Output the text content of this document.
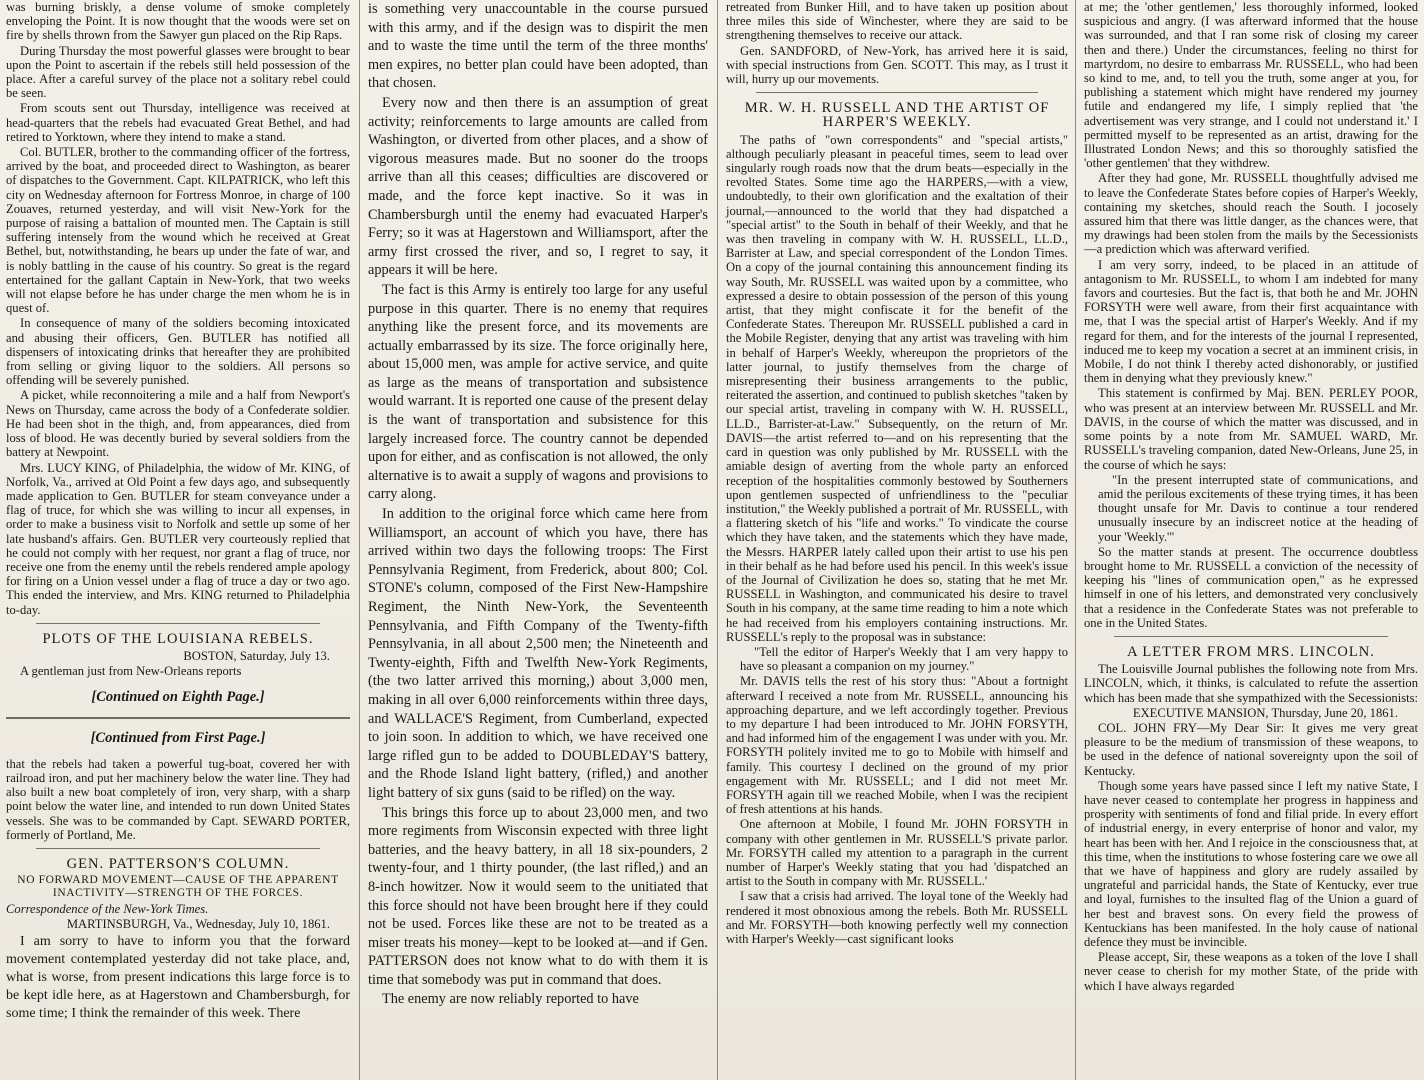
was burning briskly, a dense volume of smoke completely enveloping the Point. It is now thought that the woods were set on fire by shells thrown from the Sawyer gun placed on the Rip Raps.

During Thursday the most powerful glasses were brought to bear upon the Point to ascertain if the rebels still held possession of the place. After a careful survey of the place not a solitary rebel could be seen.

From scouts sent out Thursday, intelligence was received at head-quarters that the rebels had evacuated Great Bethel, and had retired to Yorktown, where they intend to make a stand.

Col. BUTLER, brother to the commanding officer of the fortress, arrived by the boat, and proceeded direct to Washington, as bearer of dispatches to the Government. Capt. KILPATRICK, who left this city on Wednesday afternoon for Fortress Monroe, in charge of 100 Zouaves, returned yesterday, and will visit New-York for the purpose of raising a battalion of mounted men. The Captain is still suffering intensely from the wound which he received at Great Bethel, but, notwithstanding, he bears up under the fate of war, and is nobly battling in the cause of his country. So great is the regard entertained for the gallant Captain in New-York, that two weeks will not elapse before he has under charge the men whom he is in quest of.

In consequence of many of the soldiers becoming intoxicated and abusing their officers, Gen. BUTLER has notified all dispensers of intoxicating drinks that hereafter they are prohibited from selling or giving liquor to the soldiers. All persons so offending will be severely punished.

A picket, while reconnoitering a mile and a half from Newport's News on Thursday, came across the body of a Confederate soldier. He had been shot in the thigh, and, from appearances, died from loss of blood. He was decently buried by several soldiers from the battery at Newpoint.

Mrs. LUCY KING, of Philadelphia, the widow of Mr. KING, of Norfolk, Va., arrived at Old Point a few days ago, and subsequently made application to Gen. BUTLER for steam conveyance under a flag of truce, for which she was willing to incur all expenses, in order to make a business visit to Norfolk and settle up some of her late husband's affairs. Gen. BUTLER very courteously replied that he could not comply with her request, nor grant a flag of truce, nor receive one from the enemy until the rebels rendered ample apology for firing on a Union vessel under a flag of truce a day or two ago. This ended the interview, and Mrs. KING returned to Philadelphia to-day.

PLOTS OF THE LOUISIANA REBELS.

BOSTON, Saturday, July 13.

A gentleman just from New-Orleans reports

[Continued on Eighth Page.]

[Continued from First Page.]

that the rebels had taken a powerful tug-boat, covered her with railroad iron, and put her machinery below the water line. They had also built a new boat completely of iron, very sharp, with a sharp point below the water line, and intended to run down United States vessels. She was to be commanded by Capt. SEWARD PORTER, formerly of Portland, Me.

GEN. PATTERSON'S COLUMN.

NO FORWARD MOVEMENT—CAUSE OF THE APPARENT INACTIVITY—STRENGTH OF THE FORCES.

Correspondence of the New-York Times.

MARTINSBURGH, Va., Wednesday, July 10, 1861.

I am sorry to have to inform you that the forward movement contemplated yesterday did not take place, and, what is worse, from present indications this large force is to be kept idle here, as at Hagerstown and Chambersburgh, for some time; I think the remainder of this week. There

is something very unaccountable in the course pursued with this army, and if the design was to dispirit the men and to waste the time until the term of the three months' men expires, no better plan could have been adopted, than that chosen.

Every now and then there is an assumption of great activity; reinforcements to large amounts are called from Washington, or diverted from other places, and a show of vigorous measures made. But no sooner do the troops arrive than all this ceases; difficulties are discovered or made, and the force kept inactive. So it was in Chambersburgh until the enemy had evacuated Harper's Ferry; so it was at Hagerstown and Williamsport, after the army first crossed the river, and so, I regret to say, it appears it will be here.

The fact is this Army is entirely too large for any useful purpose in this quarter. There is no enemy that requires anything like the present force, and its movements are actually embarrassed by its size. The force originally here, about 15,000 men, was ample for active service, and quite as large as the means of transportation and subsistence would warrant. It is reported one cause of the present delay is the want of transportation and subsistence for this largely increased force. The country cannot be depended upon for either, and as confiscation is not allowed, the only alternative is to await a supply of wagons and provisions to carry along.

In addition to the original force which came here from Williamsport, an account of which you have, there has arrived within two days the following troops: The First Pennsylvania Regiment, from Frederick, about 800; Col. STONE's column, composed of the First New-Hampshire Regiment, the Ninth New-York, the Seventeenth Pennsylvania, and Fifth Company of the Twenty-fifth Pennsylvania, in all about 2,500 men; the Nineteenth and Twenty-eighth, Fifth and Twelfth New-York Regiments, (the two latter arrived this morning,) about 3,000 men, making in all over 6,000 reinforcements within three days, and WALLACE'S Regiment, from Cumberland, expected to join soon. In addition to which, we have received one large rifled gun to be added to DOUBLEDAY'S battery, and the Rhode Island light battery, (rifled,) and another light battery of six guns (said to be rifled) on the way.

This brings this force up to about 23,000 men, and two more regiments from Wisconsin expected with three light batteries, and the heavy battery, in all 18 six-pounders, 2 twenty-four, and 1 thirty pounder, (the last rifled,) and an 8-inch howitzer. Now it would seem to the unitiated that this force should not have been brought here if they could not be used. Forces like these are not to be treated as a miser treats his money—kept to be looked at—and if Gen. PATTERSON does not know what to do with them it is time that somebody was put in command that does.

The enemy are now reliably reported to have

retreated from Bunker Hill, and to have taken up position about three miles this side of Winchester, where they are said to be strengthening themselves to receive our attack.

Gen. SANDFORD, of New-York, has arrived here it is said, with special instructions from Gen. SCOTT. This may, as I trust it will, hurry up our movements.

MR. W. H. RUSSELL AND THE ARTIST OF HARPER'S WEEKLY.

The paths of "own correspondents" and "special artists," although peculiarly pleasant in peaceful times, seem to lead over singularly rough roads now that the drum beats—especially in the revolted States. Some time ago the HARPERS,—with a view, undoubtedly, to their own glorification and the exaltation of their journal,—announced to the world that they had dispatched a "special artist" to the South in behalf of their Weekly, and that he was then traveling in company with W. H. RUSSELL, LL.D., Barrister at Law, and special correspondent of the London Times. On a copy of the journal containing this announcement finding its way South, Mr. RUSSELL was waited upon by a committee, who expressed a desire to obtain possession of the person of this young artist, that they might confiscate it for the benefit of the Confederate States. Thereupon Mr. RUSSELL published a card in the Mobile Register, denying that any artist was traveling with him in behalf of Harper's Weekly, whereupon the proprietors of the latter journal, to justify themselves from the charge of misrepresenting their business arrangements to the public, reiterated the assertion, and continued to publish sketches "taken by our special artist, traveling in company with W. H. RUSSELL, LL.D., Barrister-at-Law." Subsequently, on the return of Mr. DAVIS—the artist referred to—and on his representing that the card in question was only published by Mr. RUSSELL with the amiable design of averting from the whole party an enforced reception of the hospitalities commonly bestowed by Southerners upon gentlemen suspected of unfriendliness to the "peculiar institution," the Weekly published a portrait of Mr. RUSSELL, with a flattering sketch of his "life and works." To vindicate the course which they have taken, and the statements which they have made, the Messrs. HARPER lately called upon their artist to use his pen in their behalf as he had before used his pencil. In this week's issue of the Journal of Civilization he does so, stating that he met Mr. RUSSELL in Washington, and communicated his desire to travel South in his company, at the same time reading to him a note which he had received from his employers containing instructions. Mr. RUSSELL's reply to the proposal was in substance:

"Tell the editor of Harper's Weekly that I am very happy to have so pleasant a companion on my journey."

Mr. DAVIS tells the rest of his story thus: "About a fortnight afterward I received a note from Mr. RUSSELL, announcing his approaching departure, and we left accordingly together. Previous to my departure I had been introduced to Mr. JOHN FORSYTH, and had informed him of the engagement I was under with you. Mr. FORSYTH politely invited me to go to Mobile with himself and family. This courtesy I declined on the ground of my prior engagement with Mr. RUSSELL; and I did not meet Mr. FORSYTH again till we reached Mobile, when I was the recipient of fresh attentions at his hands.

One afternoon at Mobile, I found Mr. JOHN FORSYTH in company with other gentlemen in Mr. RUSSELL'S private parlor. Mr. FORSYTH called my attention to a paragraph in the current number of Harper's Weekly stating that you had 'dispatched an artist to the South in company with Mr. RUSSELL.'

I saw that a crisis had arrived. The loyal tone of the Weekly had rendered it most obnoxious among the rebels. Both Mr. RUSSELL and Mr. FORSYTH—both knowing perfectly well my connection with Harper's Weekly—cast significant looks

at me; the 'other gentlemen,' less thoroughly informed, looked suspicious and angry. (I was afterward informed that the house was surrounded, and that I ran some risk of closing my career then and there.) Under the circumstances, feeling no thirst for martyrdom, no desire to embarrass Mr. RUSSELL, who had been so kind to me, and, to tell you the truth, some anger at you, for publishing a statement which might have rendered my journey futile and endangered my life, I simply replied that 'the advertisement was very strange, and I could not understand it.' I permitted myself to be represented as an artist, drawing for the Illustrated London News; and this so thoroughly satisfied the 'other gentlemen' that they withdrew.

After they had gone, Mr. RUSSELL thoughtfully advised me to leave the Confederate States before copies of Harper's Weekly, containing my sketches, should reach the South. I jocosely assured him that there was little danger, as the chances were, that my drawings had been stolen from the mails by the Secessionists—a prediction which was afterward verified.

I am very sorry, indeed, to be placed in an attitude of antagonism to Mr. RUSSELL, to whom I am indebted for many favors and courtesies. But the fact is, that both he and Mr. JOHN FORSYTH were well aware, from their first acquaintance with me, that I was the special artist of Harper's Weekly. And if my regard for them, and for the interests of the journal I represented, induced me to keep my vocation a secret at an imminent crisis, in Mobile, I do not think I thereby acted dishonorably, or justified them in denying what they previously knew."

This statement is confirmed by Maj. BEN. PERLEY POOR, who was present at an interview between Mr. RUSSELL and Mr. DAVIS, in the course of which the matter was discussed, and in some points by a note from Mr. SAMUEL WARD, Mr. RUSSELL's traveling companion, dated New-Orleans, June 25, in the course of which he says:

"In the present interrupted state of communications, and amid the perilous excitements of these trying times, it has been thought unsafe for Mr. Davis to continue a tour rendered unusually insecure by an indiscreet notice at the heading of your 'Weekly.'"

So the matter stands at present. The occurrence doubtless brought home to Mr. RUSSELL a conviction of the necessity of keeping his "lines of communication open," as he expressed himself in one of his letters, and demonstrated very conclusively that a residence in the Confederate States was not preferable to one in the United States.

A LETTER FROM MRS. LINCOLN.

The Louisville Journal publishes the following note from Mrs. LINCOLN, which, it thinks, is calculated to refute the assertion which has been made that she sympathized with the Secessionists:

EXECUTIVE MANSION, Thursday, June 20, 1861.

COL. JOHN FRY—My Dear Sir: It gives me very great pleasure to be the medium of transmission of these weapons, to be used in the defence of national sovereignty upon the soil of Kentucky.

Though some years have passed since I left my native State, I have never ceased to contemplate her progress in happiness and prosperity with sentiments of fond and filial pride. In every effort of industrial energy, in every enterprise of honor and valor, my heart has been with her. And I rejoice in the consciousness that, at this time, when the institutions to whose fostering care we owe all that we have of happiness and glory are rudely assailed by ungrateful and parricidal hands, the State of Kentucky, ever true and loyal, furnishes to the insulted flag of the Union a guard of her best and bravest sons. On every field the prowess of Kentuckians has been manifested. In the holy cause of national defence they must be invincible.

Please accept, Sir, these weapons as a token of the love I shall never cease to cherish for my mother State, of the pride with which I have always regarded
